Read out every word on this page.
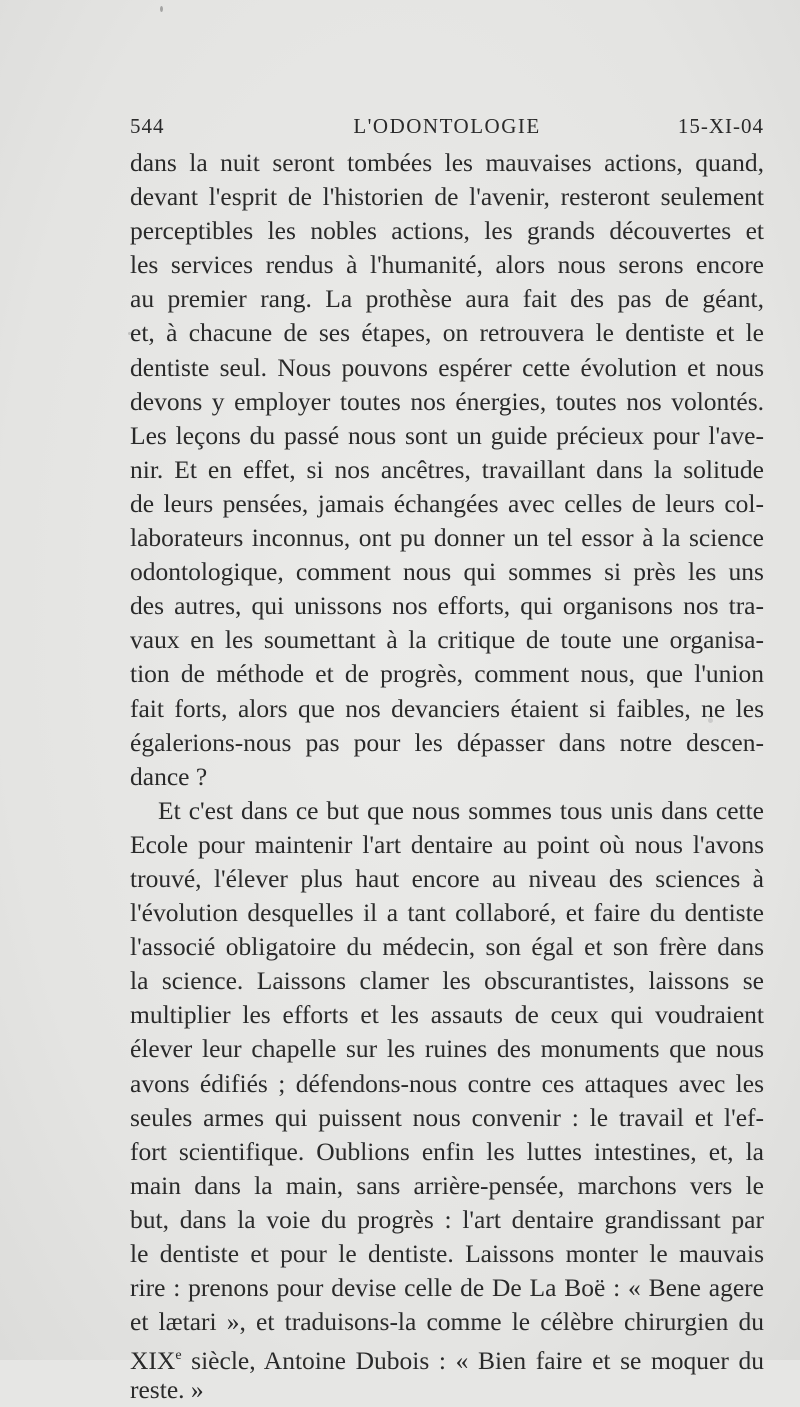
544	L'ODONTOLOGIE	15-XI-04
dans la nuit seront tombées les mauvaises actions, quand,
devant l'esprit de l'historien de l'avenir, resteront seulement
perceptibles les nobles actions, les grands découvertes et
les services rendus à l'humanité, alors nous serons encore
au premier rang. La prothèse aura fait des pas de géant,
et, à chacune de ses étapes, on retrouvera le dentiste et le
dentiste seul. Nous pouvons espérer cette évolution et nous
devons y employer toutes nos énergies, toutes nos volontés.
Les leçons du passé nous sont un guide précieux pour l'ave-
nir. Et en effet, si nos ancêtres, travaillant dans la solitude
de leurs pensées, jamais échangées avec celles de leurs col-
laborateurs inconnus, ont pu donner un tel essor à la science
odontologique, comment nous qui sommes si près les uns
des autres, qui unissons nos efforts, qui organisons nos tra-
vaux en les soumettant à la critique de toute une organisa-
tion de méthode et de progrès, comment nous, que l'union
fait forts, alors que nos devanciers étaient si faibles, ne les
égalerions-nous pas pour les dépasser dans notre descen-
dance ?
Et c'est dans ce but que nous sommes tous unis dans cette
Ecole pour maintenir l'art dentaire au point où nous l'avons
trouvé, l'élever plus haut encore au niveau des sciences à
l'évolution desquelles il a tant collaboré, et faire du dentiste
l'associé obligatoire du médecin, son égal et son frère dans
la science. Laissons clamer les obscurantistes, laissons se
multiplier les efforts et les assauts de ceux qui voudraient
élever leur chapelle sur les ruines des monuments que nous
avons édifiés ; défendons-nous contre ces attaques avec les
seules armes qui puissent nous convenir : le travail et l'ef-
fort scientifique. Oublions enfin les luttes intestines, et, la
main dans la main, sans arrière-pensée, marchons vers le
but, dans la voie du progrès : l'art dentaire grandissant par
le dentiste et pour le dentiste. Laissons monter le mauvais
rire : prenons pour devise celle de De La Boë : « Bene agere
et lætari », et traduisons-la comme le célèbre chirurgien du
XIXe siècle, Antoine Dubois : « Bien faire et se moquer du
reste. »
